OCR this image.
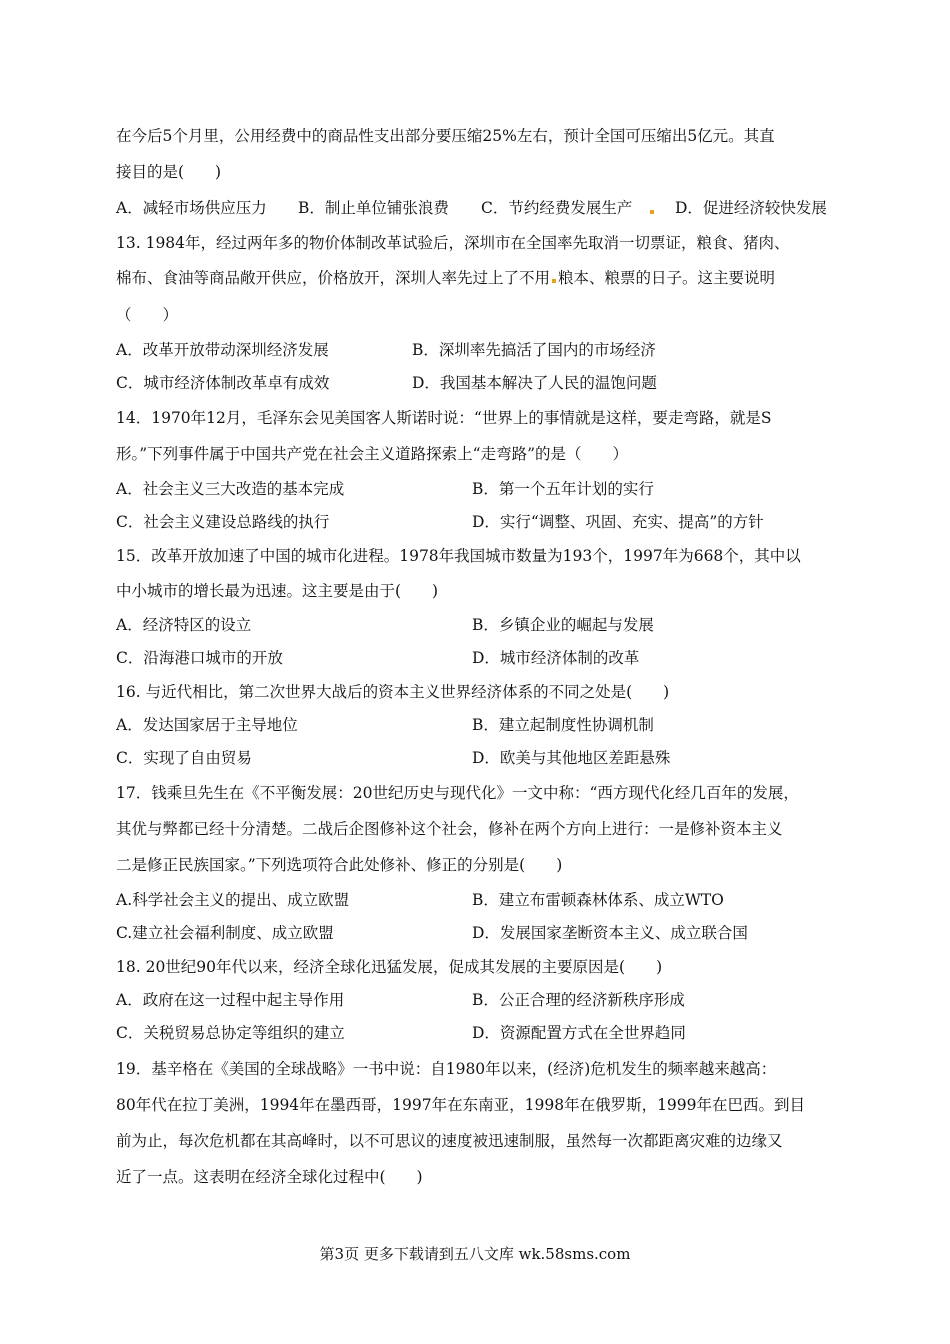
在今后5个月里，公用经费中的商品性支出部分要压缩25%左右，预计全国可压缩出5亿元。其直
接目的是(　　)
A．减轻市场供应压力 B．制止单位铺张浪费 C．节约经费发展生产	D．促进经济较快发展
13. 1984年，经过两年多的物价体制改革试验后，深圳市在全国率先取消一切票证，粮食、猪肉、
棉布、食油等商品敞开供应，价格放开，深圳人率先过上了不用 粮本、粮票的日子。这主要说明
（　　）
A．改革开放带动深圳经济发展	B．深圳率先搞活了国内的市场经济
C．城市经济体制改革卓有成效	D．我国基本解决了人民的温饱问题
14．1970年12月，毛泽东会见美国客人斯诺时说：“世界上的事情就是这样，要走弯路，就是S
形。”下列事件属于中国共产党在社会主义道路探索上“走弯路”的是（　　）
A．社会主义三大改造的基本完成	B．第一个五年计划的实行
C．社会主义建设总路线的执行	D．实行“调整、巩固、充实、提高”的方针
15．改革开放加速了中国的城市化进程。1978年我国城市数量为193个，1997年为668个，其中以
中小城市的增长最为迅速。这主要是由于(　　)
A．经济特区的设立	B．乡镇企业的崛起与发展
C．沿海港口城市的开放	D．城市经济体制的改革
16. 与近代相比，第二次世界大战后的资本主义世界经济体系的不同之处是(　　)
A．发达国家居于主导地位	B．建立起制度性协调机制
C．实现了自由贸易	D．欧美与其他地区差距悬殊
17．钱乘旦先生在《不平衡发展：20世纪历史与现代化》一文中称：“西方现代化经几百年的发展，
其优与弊都已经十分清楚。二战后企图修补这个社会，修补在两个方向上进行：一是修补资本主义
二是修正民族国家。”下列选项符合此处修补、修正的分别是(　　)
A.科学社会主义的提出、成立欧盟	B．建立布雷顿森林体系、成立WTO
C.建立社会福利制度、成立欧盟	D．发展国家垄断资本主义、成立联合国
18. 20世纪90年代以来，经济全球化迅猛发展，促成其发展的主要原因是(　　)
A．政府在这一过程中起主导作用	B．公正合理的经济新秩序形成
C．关税贸易总协定等组织的建立	D．资源配置方式在全世界趋同
19．基辛格在《美国的全球战略》一书中说：自1980年以来，(经济)危机发生的频率越来越高：
80年代在拉丁美洲，1994年在墨西哥，1997年在东南亚，1998年在俄罗斯，1999年在巴西。到目
前为止，每次危机都在其高峰时，以不可思议的速度被迅速制服，虽然每一次都距离灾难的边缘又
近了一点。这表明在经济全球化过程中(　　)
第3页 更多下载请到五八文库 wk.58sms.com
